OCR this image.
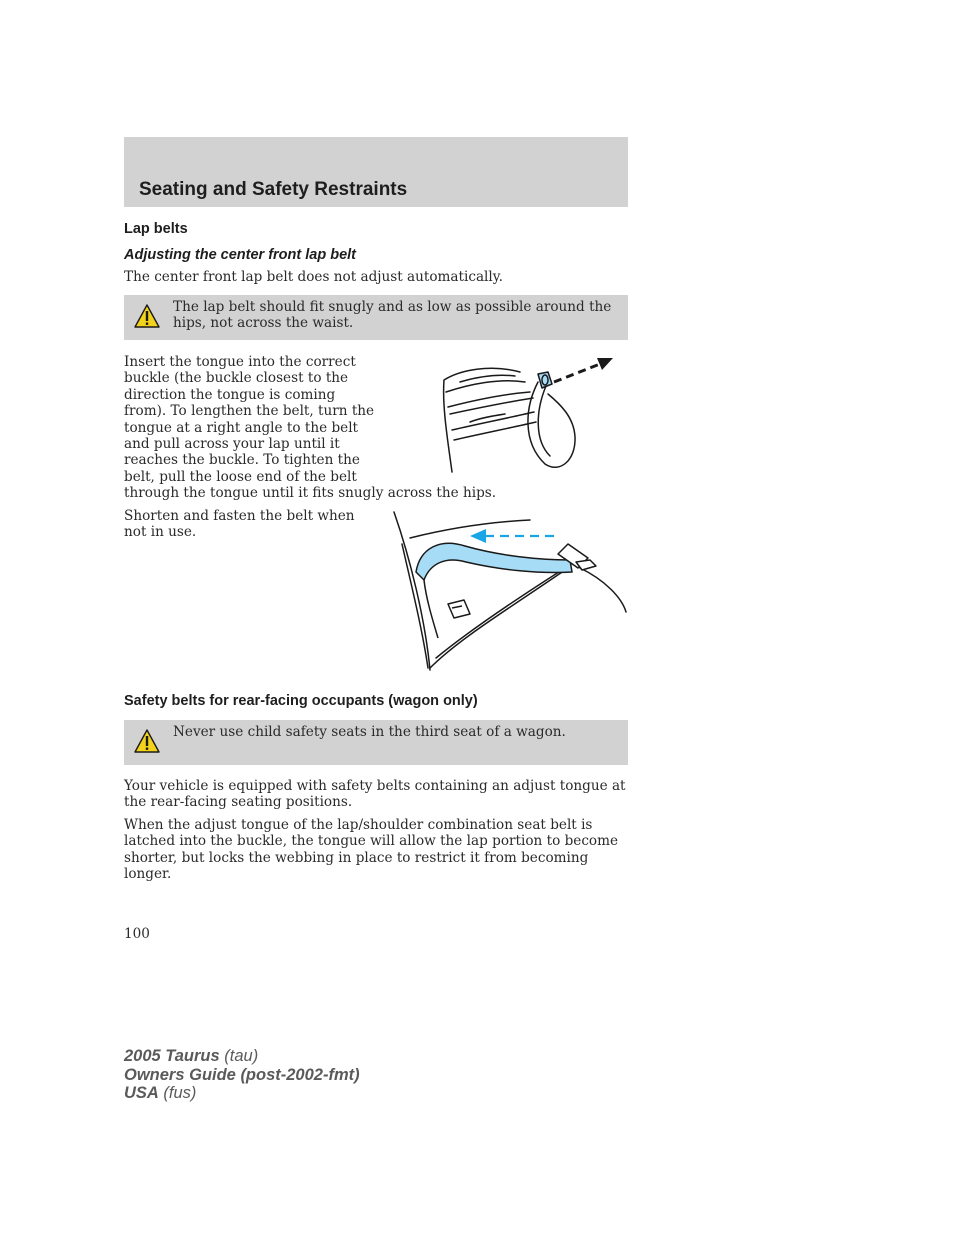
Seating and Safety Restraints
Lap belts
Adjusting the center front lap belt
The center front lap belt does not adjust automatically.
The lap belt should fit snugly and as low as possible around the hips, not across the waist.
Insert the tongue into the correct
buckle (the buckle closest to the
direction the tongue is coming
from). To lengthen the belt, turn the
tongue at a right angle to the belt
and pull across your lap until it
reaches the buckle. To tighten the
belt, pull the loose end of the belt
through the tongue until it fits snugly across the hips.
Shorten and fasten the belt when
not in use.
Safety belts for rear-facing occupants (wagon only)
Never use child safety seats in the third seat of a wagon.
Your vehicle is equipped with safety belts containing an adjust tongue at the rear-facing seating positions.
When the adjust tongue of the lap/shoulder combination seat belt is latched into the buckle, the tongue will allow the lap portion to become shorter, but locks the webbing in place to restrict it from becoming longer.
100
2005 Taurus (tau)
Owners Guide (post-2002-fmt)
USA (fus)
